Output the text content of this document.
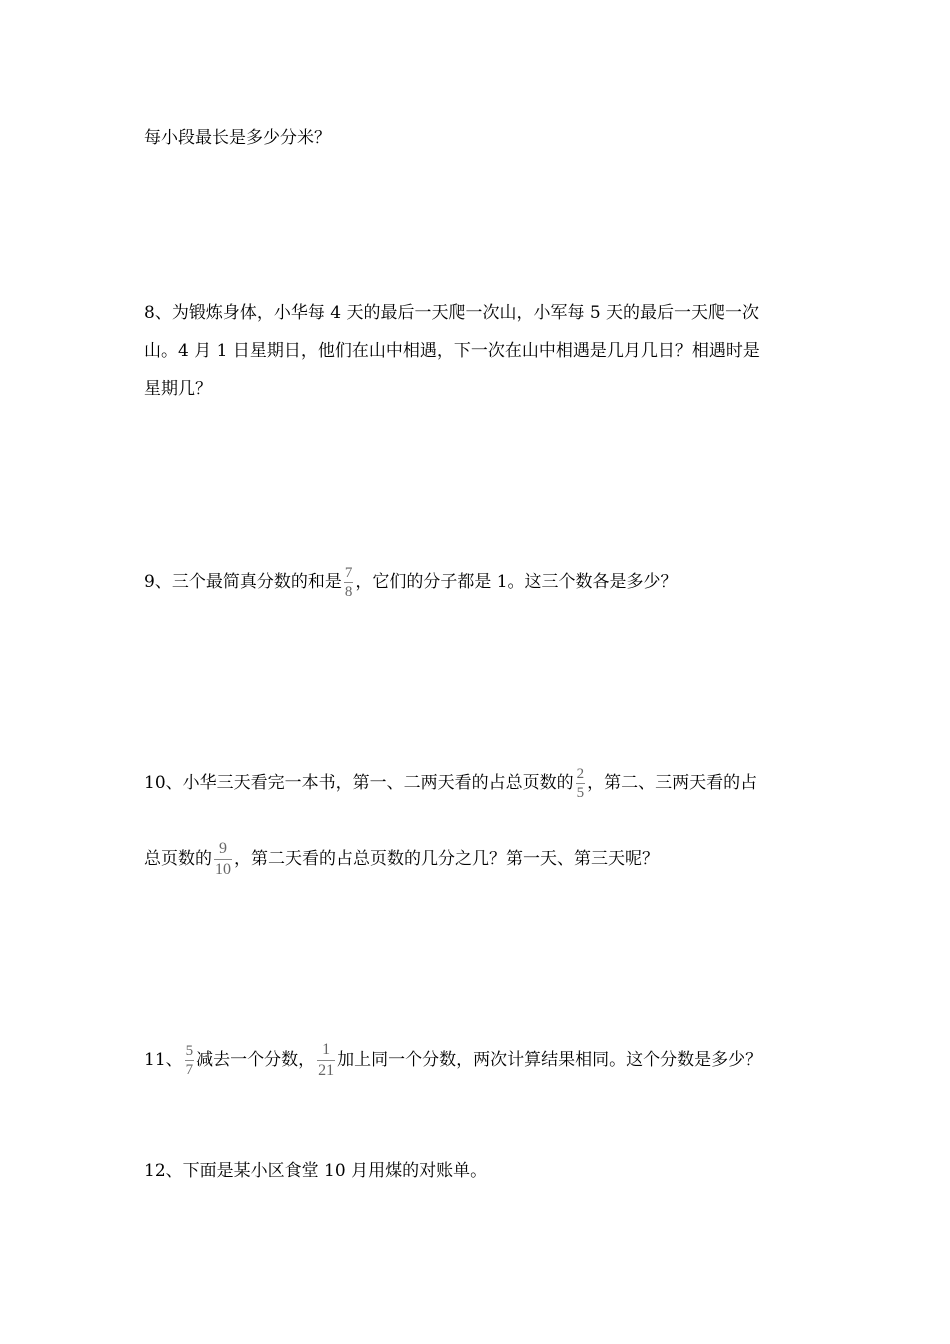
每小段最长是多少分米？
8、为锻炼身体，小华每 4 天的最后一天爬一次山，小军每 5 天的最后一天爬一次
山。4 月 1 日星期日，他们在山中相遇，下一次在山中相遇是几月几日？相遇时是
星期几？
9、三个最简真分数的和是 $\frac{7}{8}$ ，它们的分子都是 1。这三个数各是多少？
10、小华三天看完一本书，第一、二两天看的占总页数的 $\frac{2}{5}$ ，第二、三两天看的占
总页数的 $\frac{9}{10}$ ，第二天看的占总页数的几分之几？第一天、第三天呢？
11、 $\frac{5}{7}$ 减去一个分数， $\frac{1}{21}$ 加上同一个分数，两次计算结果相同。这个分数是多少？
12、下面是某小区食堂 10 月用煤的对账单。
